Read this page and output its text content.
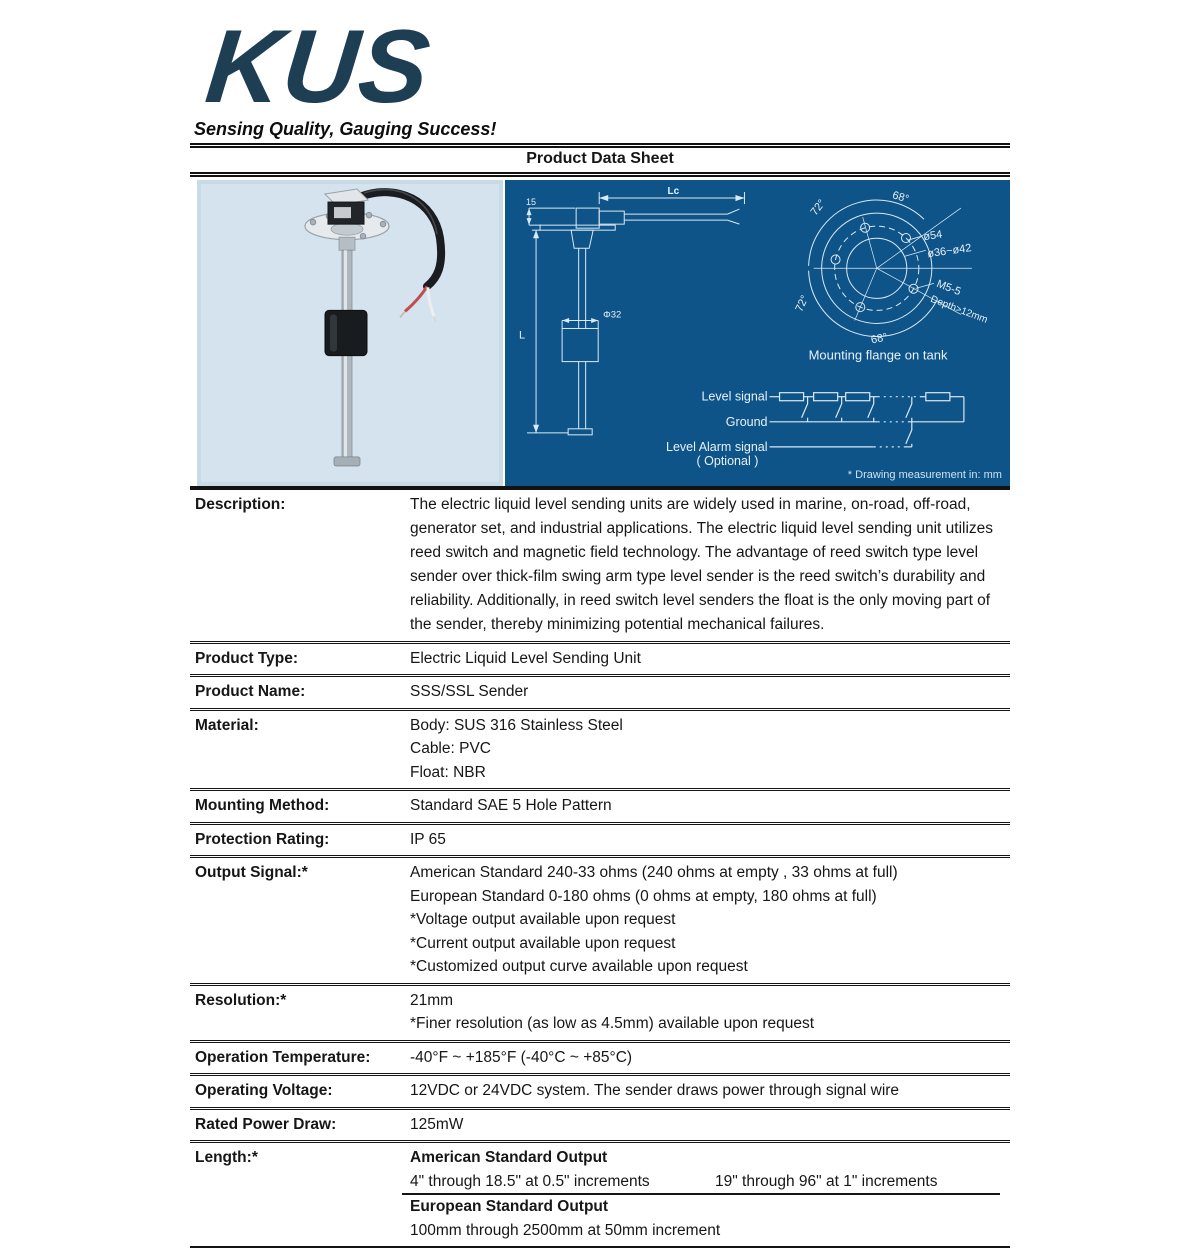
KUS
Sensing Quality, Gauging Success!
Product Data Sheet
15
Lc
L
Φ32
72°	68°
72°
68°
ø54
ø36~ø42
M5-5
Depth>12mm
Mounting flange on tank
Level signal
Ground
Level Alarm signal
( Optional )
* Drawing measurement in: mm
Description:	The electric liquid level sending units are widely used in marine, on-road, off-road, generator set, and industrial applications. The electric liquid level sending unit utilizes reed switch and magnetic field technology. The advantage of reed switch type level sender over thick-film swing arm type level sender is the reed switch’s durability and reliability. Additionally, in reed switch level senders the float is the only moving part of the sender, thereby minimizing potential mechanical failures.

Product Type:	Electric Liquid Level Sending Unit
Product Name:	SSS/SSL Sender
Material:	Body: SUS 316 Stainless Steel
Cable: PVC
Float: NBR
Mounting Method:	Standard SAE 5 Hole Pattern
Protection Rating:	IP 65
Output Signal:*	American Standard 240-33 ohms (240 ohms at empty , 33 ohms at full)
European Standard 0-180 ohms (0 ohms at empty, 180 ohms at full)
*Voltage output available upon request
*Current output available upon request
*Customized output curve available upon request
Resolution:*	21mm
*Finer resolution (as low as 4.5mm) available upon request
Operation Temperature:	-40°F ~ +185°F (-40°C ~ +85°C)
Operating Voltage:	12VDC or 24VDC system. The sender draws power through signal wire
Rated Power Draw:	125mW
Length:*	American Standard Output
4" through 18.5" at 0.5" increments	19" through 96" at 1" increments
European Standard Output
100mm through 2500mm at 50mm increment
